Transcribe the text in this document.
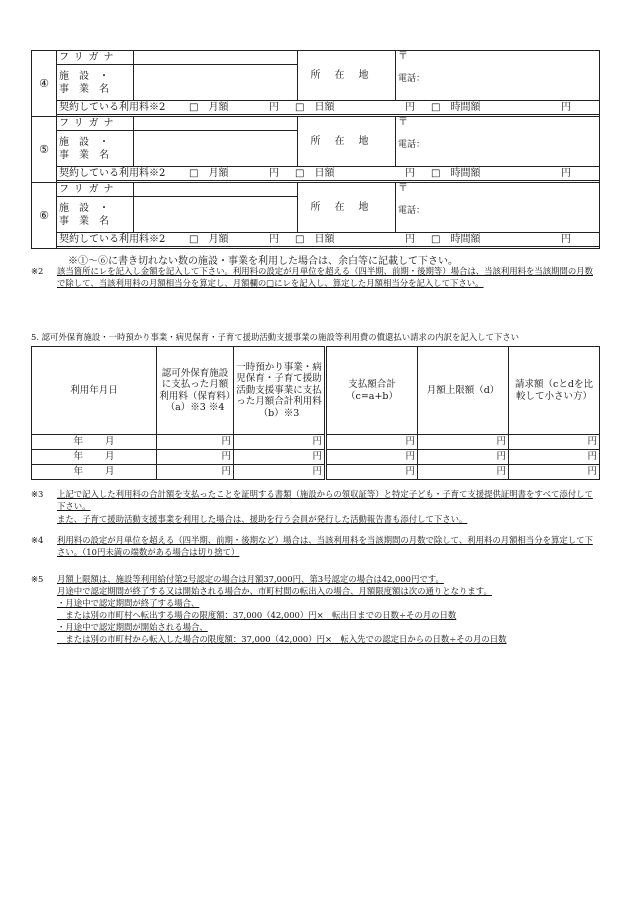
④	フリガナ		所在地	〒
電話：

	施　設　・
事　業　名			
	契約している利用料※2 □　月額 円 □　日額 円 □　時間額 円			

⑤	フリガナ		所在地	〒
電話：

	施　設　・
事　業　名			
	契約している利用料※2 □　月額 円 □　日額 円 □　時間額 円			

⑥	フリガナ		所在地	〒
電話：

	施　設　・
事　業　名			
	契約している利用料※2 □　月額 円 □　日額 円 □　時間額 円			

※①～⑥に書き切れない数の施設・事業を利用した場合は、余白等に記載して下さい。
※2 該当箇所にレを記入し金額を記入して下さい。利用料の設定が月単位を超える（四半期、前期・後期等）場合は、当該利用料を当該期間の月数で除して、当該利用料の月額相当分を算定し、月額欄の□にレを記入し、算定した月額相当分を記入して下さい。
5. 認可外保育施設・一時預かり事業・病児保育・子育て援助活動支援事業の施設等利用費の償還払い請求の内訳を記入して下さい
利用年月日	認可外保育施設に支払った月額利用料（保育料）（a）※3 ※4	一時預かり事業・病児保育・子育て援助活動支援事業に支払った月額合計利用料（b）※3	支払額合計（c=a+b）	月額上限額（d）	請求額（cとdを比較して小さい方）
年 月	円	円	円	円	円
年 月	円	円	円	円	円
年 月	円	円	円	円	円
※3 上記で記入した利用料の合計額を支払ったことを証明する書類（施設からの領収証等）と特定子ども・子育て支援提供証明書をすべて添付して下さい。
また、子育て援助活動支援事業を利用した場合は、援助を行う会員が発行した活動報告書も添付して下さい。
※4 利用料の設定が月単位を超える（四半期、前期・後期など）場合は、当該利用料を当該期間の月数で除して、利用料の月額相当分を算定して下さい。（10円未満の端数がある場合は切り捨て）
※5 月額上限額は、施設等利用給付第2号認定の場合は月額37,000円、第3号認定の場合は42,000円です。
月途中で認定期間が終了する又は開始される場合か、市町村間の転出入の場合、月額限度額は次の通りとなります。
・月途中で認定期間が終了する場合、
　または別の市町村へ転出する場合の限度額：37,000（42,000）円×　転出日までの日数÷その月の日数
・月途中で認定期間が開始される場合、
　または別の市町村から転入した場合の限度額：37,000（42,000）円×　転入先での認定日からの日数÷その月の日数
